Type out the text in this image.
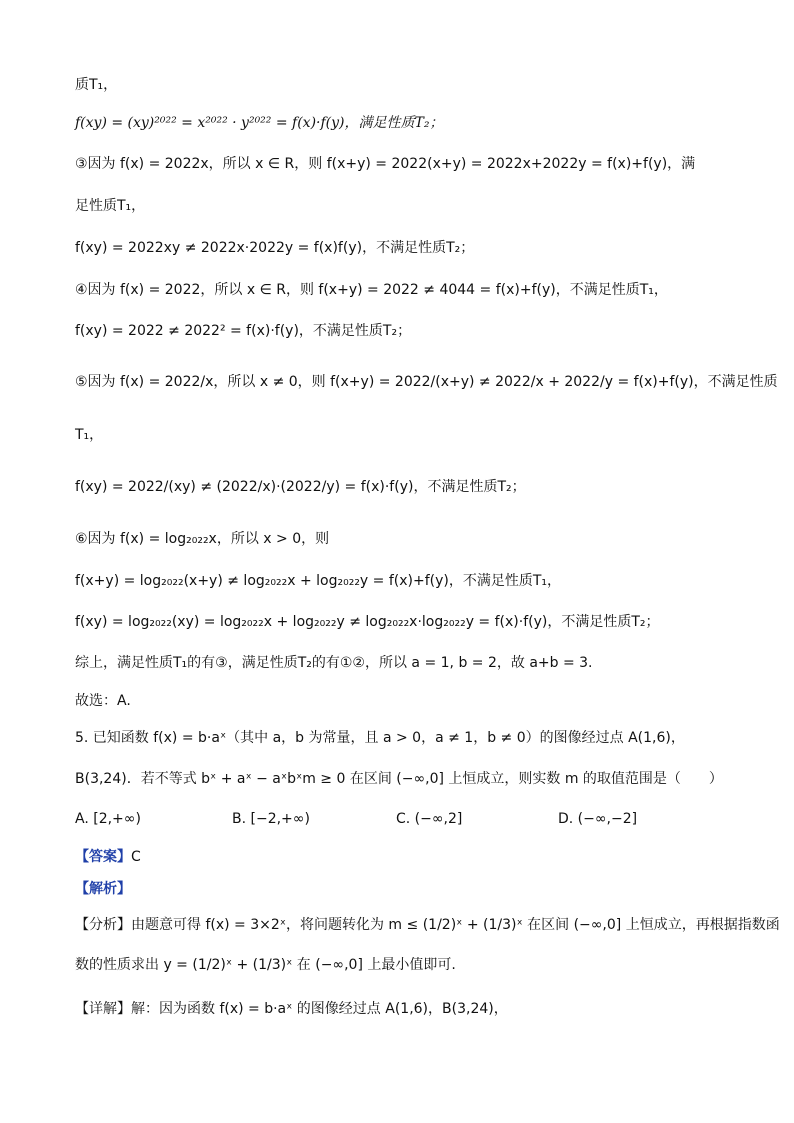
质T₁，
f(xy) = (xy)²⁰²² = x²⁰²² · y²⁰²² = f(x)·f(y)，满足性质T₂；
③因为 f(x) = 2022x，所以 x ∈ R，则 f(x+y) = 2022(x+y) = 2022x+2022y = f(x)+f(y)，满
足性质T₁，
f(xy) = 2022xy ≠ 2022x·2022y = f(x)f(y)，不满足性质T₂；
④因为 f(x) = 2022，所以 x ∈ R，则 f(x+y) = 2022 ≠ 4044 = f(x)+f(y)，不满足性质T₁，
f(xy) = 2022 ≠ 2022² = f(x)·f(y)，不满足性质T₂；
⑤因为 f(x) = 2022/x，所以 x ≠ 0，则 f(x+y) = 2022/(x+y) ≠ 2022/x + 2022/y = f(x)+f(y)，不满足性质
T₁，
f(xy) = 2022/(xy) ≠ (2022/x)·(2022/y) = f(x)·f(y)，不满足性质T₂；
⑥因为 f(x) = log₂₀₂₂x，所以 x > 0，则
f(x+y) = log₂₀₂₂(x+y) ≠ log₂₀₂₂x + log₂₀₂₂y = f(x)+f(y)，不满足性质T₁，
f(xy) = log₂₀₂₂(xy) = log₂₀₂₂x + log₂₀₂₂y ≠ log₂₀₂₂x·log₂₀₂₂y = f(x)·f(y)，不满足性质T₂；
综上，满足性质T₁的有③，满足性质T₂的有①②，所以 a = 1, b = 2，故 a+b = 3.
故选：A.
5. 已知函数 f(x) = b·aˣ（其中 a，b 为常量，且 a > 0，a ≠ 1，b ≠ 0）的图像经过点 A(1,6)，
B(3,24)．若不等式 bˣ + aˣ − aˣbˣm ≥ 0 在区间 (−∞,0] 上恒成立，则实数 m 的取值范围是（　　）
A. [2,+∞)	B. [−2,+∞)	C. (−∞,2]	D. (−∞,−2]
【答案】C
【解析】
【分析】由题意可得 f(x) = 3×2ˣ，将问题转化为 m ≤ (1/2)ˣ + (1/3)ˣ 在区间 (−∞,0] 上恒成立，再根据指数函
数的性质求出 y = (1/2)ˣ + (1/3)ˣ 在 (−∞,0] 上最小值即可.
【详解】解：因为函数 f(x) = b·aˣ 的图像经过点 A(1,6)，B(3,24)，
